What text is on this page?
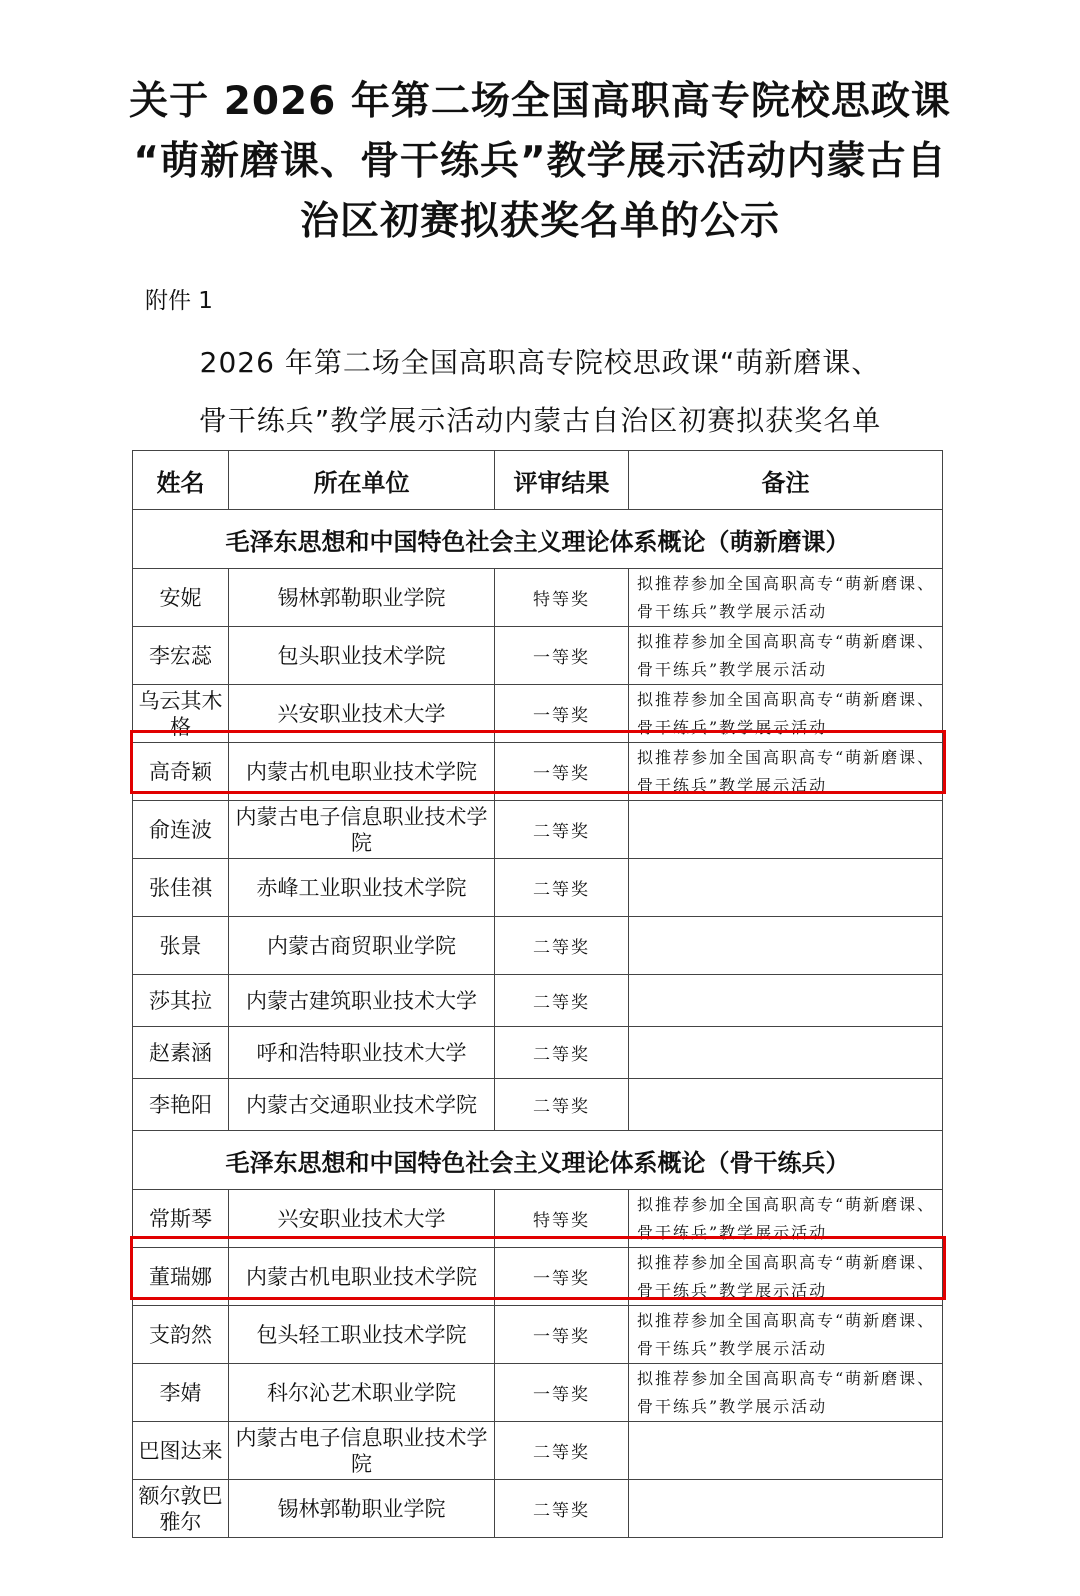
关于 2026 年第二场全国高职高专院校思政课
“萌新磨课、骨干练兵”教学展示活动内蒙古自
治区初赛拟获奖名单的公示
附件 1
2026 年第二场全国高职高专院校思政课“萌新磨课、
骨干练兵”教学展示活动内蒙古自治区初赛拟获奖名单
姓名	所在单位	评审结果	备注
毛泽东思想和中国特色社会主义理论体系概论（萌新磨课）			
安妮	锡林郭勒职业学院	特等奖	拟推荐参加全国高职高专“萌新磨课、骨干练兵”教学展示活动
李宏蕊	包头职业技术学院	一等奖	拟推荐参加全国高职高专“萌新磨课、骨干练兵”教学展示活动
乌云其木格	兴安职业技术大学	一等奖	拟推荐参加全国高职高专“萌新磨课、骨干练兵”教学展示活动
高奇颖	内蒙古机电职业技术学院	一等奖	拟推荐参加全国高职高专“萌新磨课、骨干练兵”教学展示活动
俞连波	内蒙古电子信息职业技术学院	二等奖	
张佳祺	赤峰工业职业技术学院	二等奖	
张景	内蒙古商贸职业学院	二等奖	
莎其拉	内蒙古建筑职业技术大学	二等奖	
赵素涵	呼和浩特职业技术大学	二等奖	
李艳阳	内蒙古交通职业技术学院	二等奖	
毛泽东思想和中国特色社会主义理论体系概论（骨干练兵）			
常斯琴	兴安职业技术大学	特等奖	拟推荐参加全国高职高专“萌新磨课、骨干练兵”教学展示活动
董瑞娜	内蒙古机电职业技术学院	一等奖	拟推荐参加全国高职高专“萌新磨课、骨干练兵”教学展示活动
支韵然	包头轻工职业技术学院	一等奖	拟推荐参加全国高职高专“萌新磨课、骨干练兵”教学展示活动
李婧	科尔沁艺术职业学院	一等奖	拟推荐参加全国高职高专“萌新磨课、骨干练兵”教学展示活动
巴图达来	内蒙古电子信息职业技术学院	二等奖	
额尔敦巴雅尔	锡林郭勒职业学院	二等奖	
